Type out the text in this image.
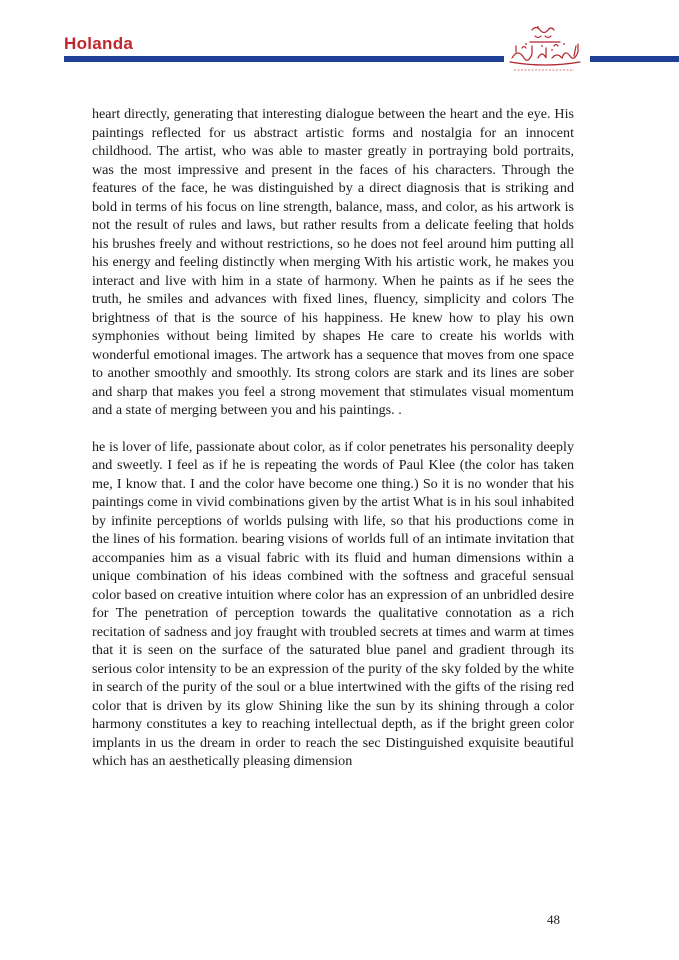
Holanda

heart directly, generating that interesting dialogue between the heart and the eye. His paintings reflected for us abstract artistic forms and nostalgia for an innocent childhood. The artist, who was able to master greatly in portraying bold portraits, was the most impressive and present in the faces of his characters. Through the features of the face, he was distinguished by a direct diagnosis that is striking and bold in terms of his focus on line strength, balance, mass, and color, as his artwork is not the result of rules and laws, but rather results from a delicate feeling that holds his brushes freely and without restrictions, so he does not feel around him putting all his energy and feeling distinctly when merging With his artistic work, he makes you interact and live with him in a state of harmony. When he paints as if he sees the truth, he smiles and advances with fixed lines, fluency, simplicity and colors The brightness of that is the source of his happiness. He knew how to play his own symphonies without being limited by shapes He care to create his worlds with wonderful emotional images. The artwork has a sequence that moves from one space to another smoothly and smoothly. Its strong colors are stark and its lines are sober and sharp that makes you feel a strong movement that stimulates visual momentum and a state of merging between you and his paintings. .

he is lover of life, passionate about color, as if color penetrates his personality deeply and sweetly. I feel as if he is repeating the words of Paul Klee (the color has taken me, I know that. I and the color have become one thing.) So it is no wonder that his paintings come in vivid combinations given by the artist What is in his soul inhabited by infinite perceptions of worlds pulsing with life, so that his productions come in the lines of his formation. bearing visions of worlds full of an intimate invitation that accompanies him as a visual fabric with its fluid and human dimensions within a unique combination of his ideas combined with the softness and graceful sensual color based on creative intuition where color has an expression of an unbridled desire for The penetration of perception towards the qualitative connotation as a rich recitation of sadness and joy fraught with troubled secrets at times and warm at times that it is seen on the surface of the saturated blue panel and gradient through its serious color intensity to be an expression of the purity of the sky folded by the white in search of the purity of the soul or a blue intertwined with the gifts of the rising red color that is driven by its glow Shining like the sun by its shining through a color harmony constitutes a key to reaching intellectual depth, as if the bright green color implants in us the dream in order to reach the sec Distinguished exquisite beautiful which has an aesthetically pleasing dimension

48
